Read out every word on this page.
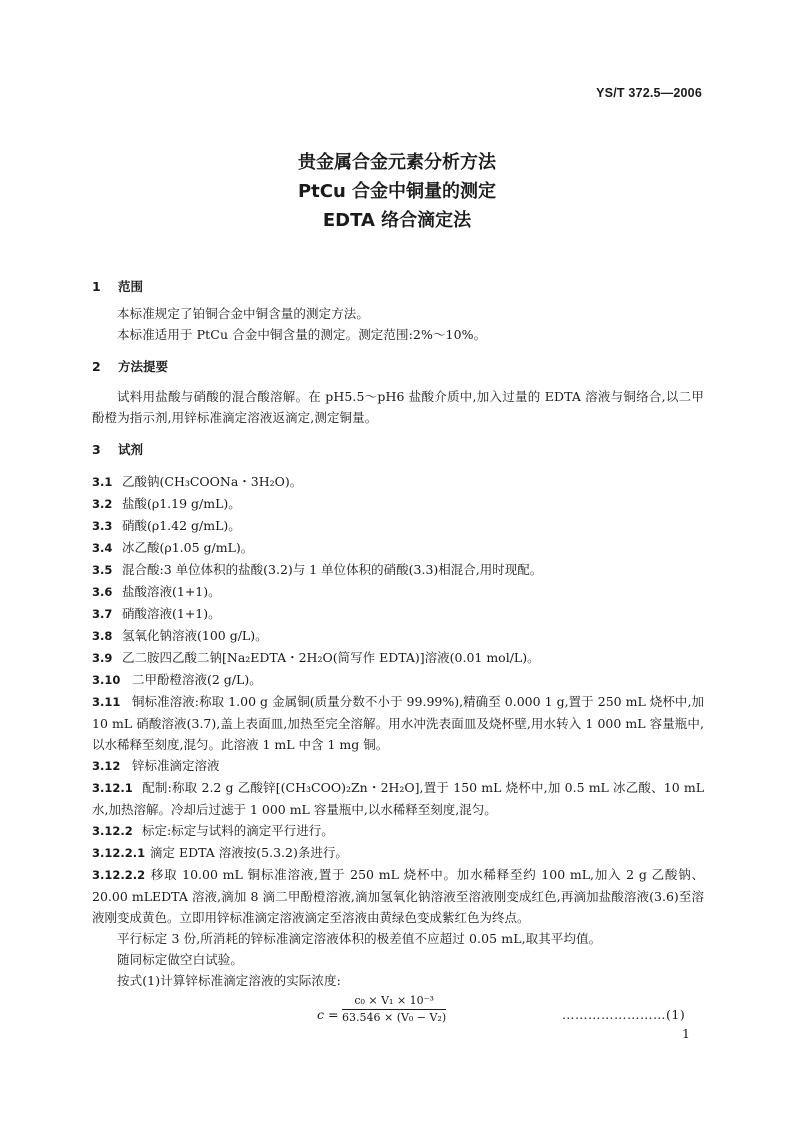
YS/T 372.5—2006
贵金属合金元素分析方法
PtCu 合金中铜量的测定
EDTA 络合滴定法
1 范围
本标准规定了铂铜合金中铜含量的测定方法。
本标准适用于 PtCu 合金中铜含量的测定。测定范围:2%～10%。
2 方法提要
试料用盐酸与硝酸的混合酸溶解。在 pH5.5～pH6 盐酸介质中,加入过量的 EDTA 溶液与铜络合,以二甲酚橙为指示剂,用锌标准滴定溶液返滴定,测定铜量。
3 试剂
3.1 乙酸钠(CH₃COONa・3H₂O)。
3.2 盐酸(ρ1.19 g/mL)。
3.3 硝酸(ρ1.42 g/mL)。
3.4 冰乙酸(ρ1.05 g/mL)。
3.5 混合酸:3 单位体积的盐酸(3.2)与 1 单位体积的硝酸(3.3)相混合,用时现配。
3.6 盐酸溶液(1+1)。
3.7 硝酸溶液(1+1)。
3.8 氢氧化钠溶液(100 g/L)。
3.9 乙二胺四乙酸二钠[Na₂EDTA・2H₂O(简写作 EDTA)]溶液(0.01 mol/L)。
3.10 二甲酚橙溶液(2 g/L)。
3.11 铜标准溶液:称取 1.00 g 金属铜(质量分数不小于 99.99%),精确至 0.000 1 g,置于 250 mL 烧杯中,加 10 mL 硝酸溶液(3.7),盖上表面皿,加热至完全溶解。用水冲洗表面皿及烧杯壁,用水转入 1 000 mL 容量瓶中,以水稀释至刻度,混匀。此溶液 1 mL 中含 1 mg 铜。
3.12 锌标准滴定溶液
3.12.1 配制:称取 2.2 g 乙酸锌[(CH₃COO)₂Zn・2H₂O],置于 150 mL 烧杯中,加 0.5 mL 冰乙酸、10 mL 水,加热溶解。冷却后过滤于 1 000 mL 容量瓶中,以水稀释至刻度,混匀。
3.12.2 标定:标定与试料的滴定平行进行。
3.12.2.1 滴定 EDTA 溶液按(5.3.2)条进行。
3.12.2.2 移取 10.00 mL 铜标准溶液,置于 250 mL 烧杯中。加水稀释至约 100 mL,加入 2 g 乙酸钠、20.00 mLEDTA 溶液,滴加 8 滴二甲酚橙溶液,滴加氢氧化钠溶液至溶液刚变成红色,再滴加盐酸溶液(3.6)至溶液刚变成黄色。立即用锌标准滴定溶液滴定至溶液由黄绿色变成紫红色为终点。
平行标定 3 份,所消耗的锌标准滴定溶液体积的极差值不应超过 0.05 mL,取其平均值。
随同标定做空白试验。
按式(1)计算锌标准滴定溶液的实际浓度:
$c = \frac{\text{c₀ × V₁ × 10⁻³}}{\text{63.546 × (V₀ − V₂)}}$	……………………(1)
1
